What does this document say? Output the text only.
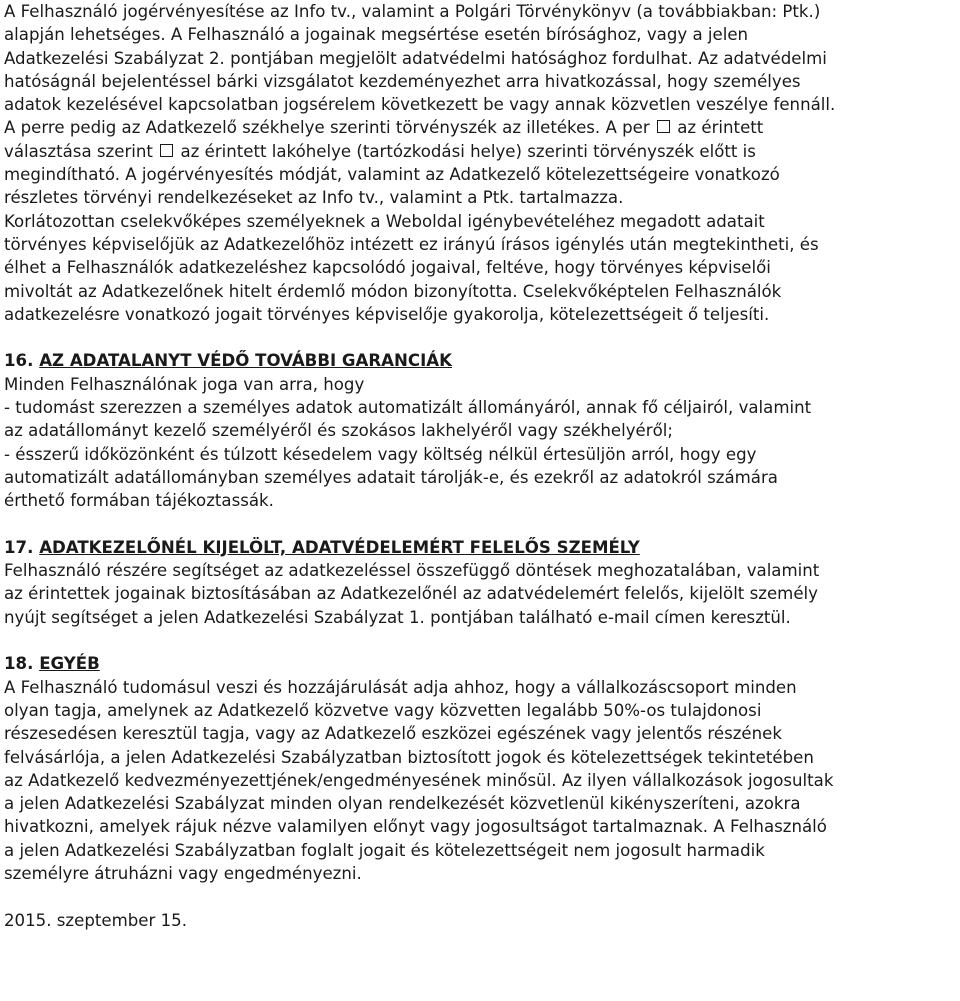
A Felhasználó jogérvényesítése az Info tv., valamint a Polgári Törvénykönyv (a továbbiakban: Ptk.)
alapján lehetséges. A Felhasználó a jogainak megsértése esetén bírósághoz, vagy a jelen
Adatkezelési Szabályzat 2. pontjában megjelölt adatvédelmi hatósághoz fordulhat. Az adatvédelmi
hatóságnál bejelentéssel bárki vizsgálatot kezdeményezhet arra hivatkozással, hogy személyes
adatok kezelésével kapcsolatban jogsérelem következett be vagy annak közvetlen veszélye fennáll.
A perre pedig az Adatkezelő székhelye szerinti törvényszék az illetékes. A per az érintett
választása szerint az érintett lakóhelye (tartózkodási helye) szerinti törvényszék előtt is
megindítható. A jogérvényesítés módját, valamint az Adatkezelő kötelezettségeire vonatkozó
részletes törvényi rendelkezéseket az Info tv., valamint a Ptk. tartalmazza.
Korlátozottan cselekvőképes személyeknek a Weboldal igénybevételéhez megadott adatait
törvényes képviselőjük az Adatkezelőhöz intézett ez irányú írásos igénylés után megtekintheti, és
élhet a Felhasználók adatkezeléshez kapcsolódó jogaival, feltéve, hogy törvényes képviselői
mivoltát az Adatkezelőnek hitelt érdemlő módon bizonyította. Cselekvőképtelen Felhasználók
adatkezelésre vonatkozó jogait törvényes képviselője gyakorolja, kötelezettségeit ő teljesíti.
16. AZ ADATALANYT VÉDŐ TOVÁBBI GARANCIÁK
Minden Felhasználónak joga van arra, hogy
- tudomást szerezzen a személyes adatok automatizált állományáról, annak fő céljairól, valamint
az adatállományt kezelő személyéről és szokásos lakhelyéről vagy székhelyéről;
- ésszerű időközönként és túlzott késedelem vagy költség nélkül értesüljön arról, hogy egy
automatizált adatállományban személyes adatait tárolják-e, és ezekről az adatokról számára
érthető formában tájékoztassák.
17. ADATKEZELŐNÉL KIJELÖLT, ADATVÉDELEMÉRT FELELŐS SZEMÉLY
Felhasználó részére segítséget az adatkezeléssel összefüggő döntések meghozatalában, valamint
az érintettek jogainak biztosításában az Adatkezelőnél az adatvédelemért felelős, kijelölt személy
nyújt segítséget a jelen Adatkezelési Szabályzat 1. pontjában található e-mail címen keresztül.
18. EGYÉB
A Felhasználó tudomásul veszi és hozzájárulását adja ahhoz, hogy a vállalkozáscsoport minden
olyan tagja, amelynek az Adatkezelő közvetve vagy közvetten legalább 50%-os tulajdonosi
részesedésen keresztül tagja, vagy az Adatkezelő eszközei egészének vagy jelentős részének
felvásárlója, a jelen Adatkezelési Szabályzatban biztosított jogok és kötelezettségek tekintetében
az Adatkezelő kedvezményezettjének/engedményesének minősül. Az ilyen vállalkozások jogosultak
a jelen Adatkezelési Szabályzat minden olyan rendelkezését közvetlenül kikényszeríteni, azokra
hivatkozni, amelyek rájuk nézve valamilyen előnyt vagy jogosultságot tartalmaznak. A Felhasználó
a jelen Adatkezelési Szabályzatban foglalt jogait és kötelezettségeit nem jogosult harmadik
személyre átruházni vagy engedményezni.
2015. szeptember 15.
